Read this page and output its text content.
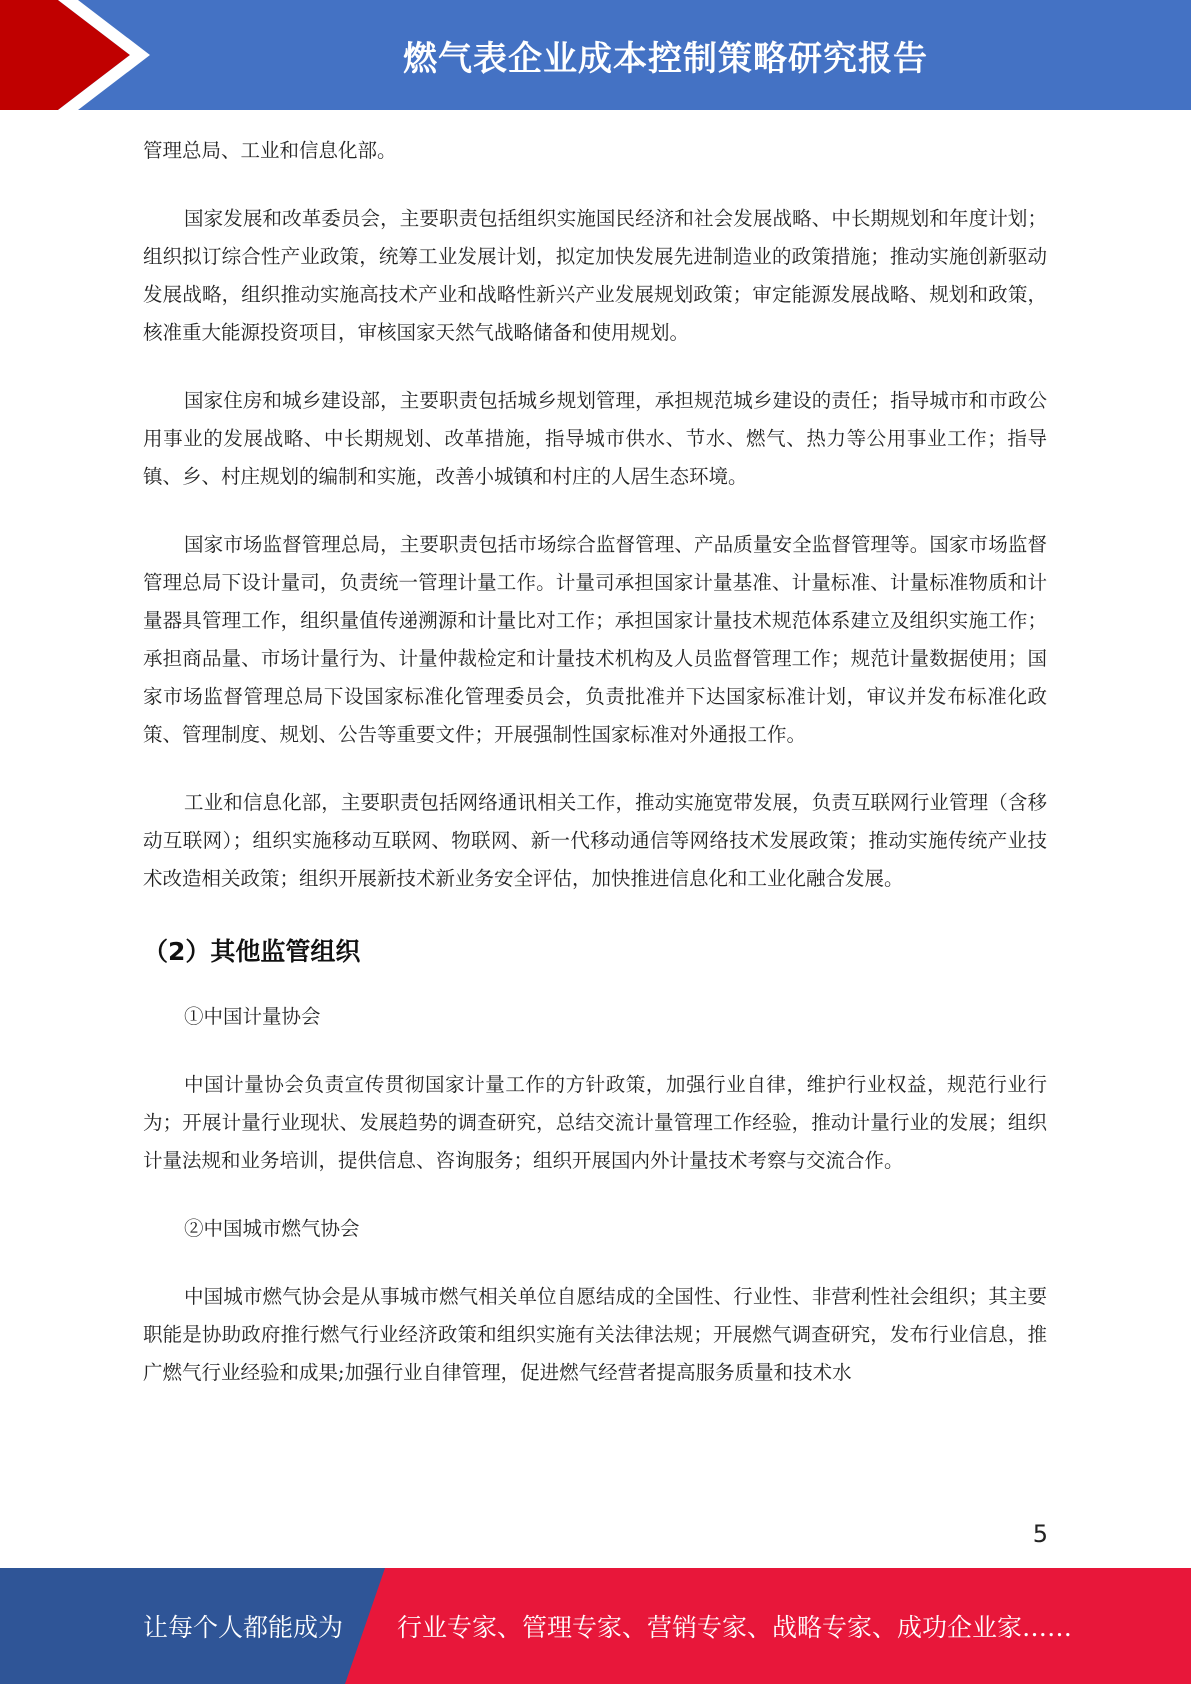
燃气表企业成本控制策略研究报告

管理总局、工业和信息化部。

国家发展和改革委员会，主要职责包括组织实施国民经济和社会发展战略、中长期规划和年度计划；组织拟订综合性产业政策，统筹工业发展计划，拟定加快发展先进制造业的政策措施；推动实施创新驱动发展战略，组织推动实施高技术产业和战略性新兴产业发展规划政策；审定能源发展战略、规划和政策，核准重大能源投资项目，审核国家天然气战略储备和使用规划。

国家住房和城乡建设部，主要职责包括城乡规划管理，承担规范城乡建设的责任；指导城市和市政公用事业的发展战略、中长期规划、改革措施，指导城市供水、节水、燃气、热力等公用事业工作；指导镇、乡、村庄规划的编制和实施，改善小城镇和村庄的人居生态环境。

国家市场监督管理总局，主要职责包括市场综合监督管理、产品质量安全监督管理等。国家市场监督管理总局下设计量司，负责统一管理计量工作。计量司承担国家计量基准、计量标准、计量标准物质和计量器具管理工作，组织量值传递溯源和计量比对工作；承担国家计量技术规范体系建立及组织实施工作；承担商品量、市场计量行为、计量仲裁检定和计量技术机构及人员监督管理工作；规范计量数据使用；国家市场监督管理总局下设国家标准化管理委员会，负责批准并下达国家标准计划，审议并发布标准化政策、管理制度、规划、公告等重要文件；开展强制性国家标准对外通报工作。

工业和信息化部，主要职责包括网络通讯相关工作，推动实施宽带发展，负责互联网行业管理（含移动互联网）；组织实施移动互联网、物联网、新一代移动通信等网络技术发展政策；推动实施传统产业技术改造相关政策；组织开展新技术新业务安全评估，加快推进信息化和工业化融合发展。

（2）其他监管组织

①中国计量协会

中国计量协会负责宣传贯彻国家计量工作的方针政策，加强行业自律，维护行业权益，规范行业行为；开展计量行业现状、发展趋势的调查研究，总结交流计量管理工作经验，推动计量行业的发展；组织计量法规和业务培训，提供信息、咨询服务；组织开展国内外计量技术考察与交流合作。

②中国城市燃气协会

中国城市燃气协会是从事城市燃气相关单位自愿结成的全国性、行业性、非营利性社会组织；其主要职能是协助政府推行燃气行业经济政策和组织实施有关法律法规；开展燃气调查研究，发布行业信息，推广燃气行业经验和成果;加强行业自律管理，促进燃气经营者提高服务质量和技术水

5
让每个人都能成为 行业专家、管理专家、营销专家、战略专家、成功企业家……
